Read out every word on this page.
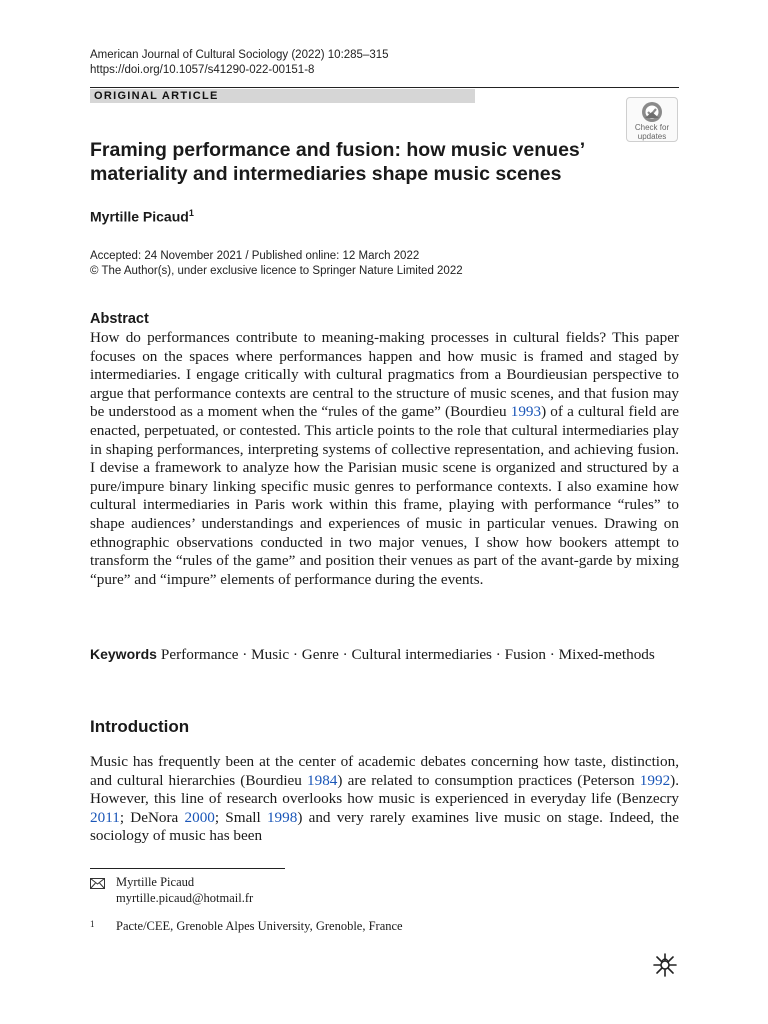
American Journal of Cultural Sociology (2022) 10:285–315
https://doi.org/10.1057/s41290-022-00151-8
ORIGINAL ARTICLE
Check for
updates
Framing performance and fusion: how music venues’ materiality and intermediaries shape music scenes
Myrtille Picaud$^1$
Accepted: 24 November 2021 / Published online: 12 March 2022
© The Author(s), under exclusive licence to Springer Nature Limited 2022
Abstract
How do performances contribute to meaning-making processes in cultural fields? This paper focuses on the spaces where performances happen and how music is framed and staged by intermediaries. I engage critically with cultural pragmatics from a Bourdieusian perspective to argue that performance contexts are central to the structure of music scenes, and that fusion may be understood as a moment when the “rules of the game” (Bourdieu 1993) of a cultural field are enacted, perpetuated, or contested. This article points to the role that cultural intermediaries play in shaping performances, interpreting systems of collective representation, and achieving fusion. I devise a framework to analyze how the Parisian music scene is organized and structured by a pure/impure binary linking specific music genres to performance contexts. I also examine how cultural intermediaries in Paris work within this frame, playing with performance “rules” to shape audiences’ understandings and experiences of music in particular venues. Drawing on ethnographic observations conducted in two major venues, I show how bookers attempt to transform the “rules of the game” and position their venues as part of the avant-garde by mixing “pure” and “impure” elements of performance during the events.
Keywords Performance · Music · Genre · Cultural intermediaries · Fusion · Mixed-methods
Introduction
Music has frequently been at the center of academic debates concerning how taste, distinction, and cultural hierarchies (Bourdieu 1984) are related to consumption practices (Peterson 1992). However, this line of research overlooks how music is experienced in everyday life (Benzecry 2011; DeNora 2000; Small 1998) and very rarely examines live music on stage. Indeed, the sociology of music has been
Myrtille Picaud
myrtille.picaud@hotmail.fr
1 Pacte/CEE, Grenoble Alpes University, Grenoble, France
